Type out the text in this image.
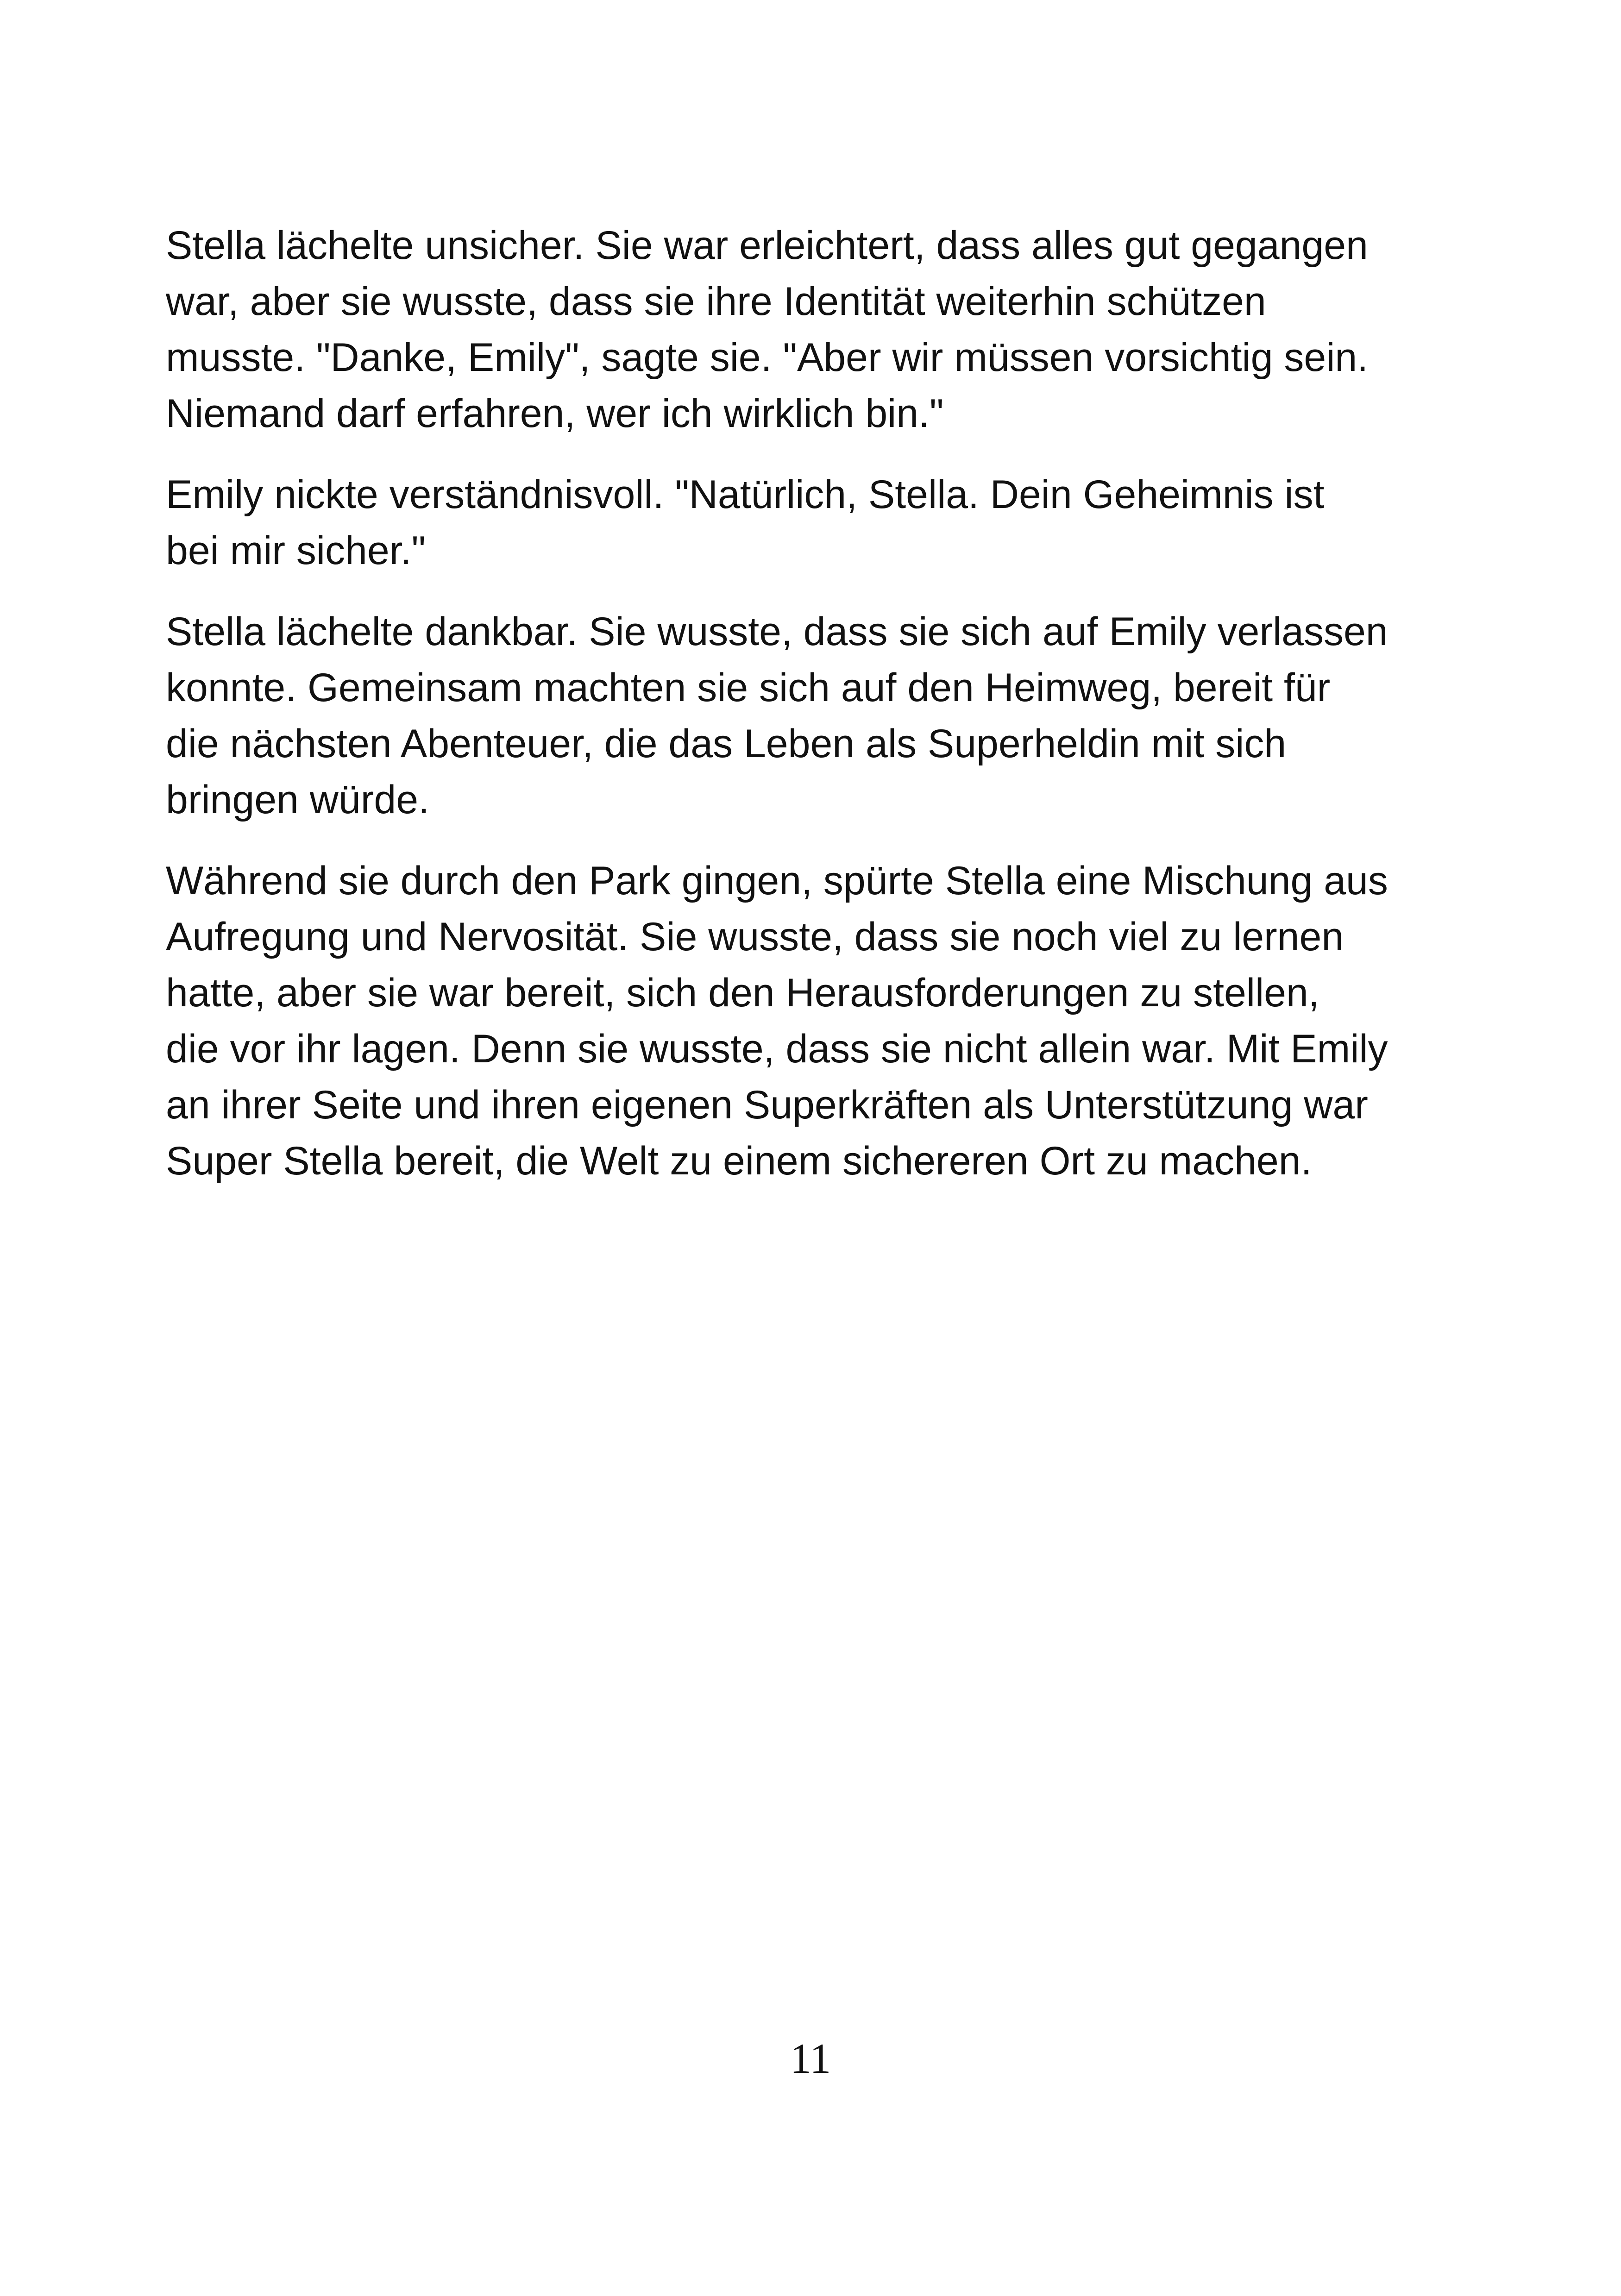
Stella lächelte unsicher. Sie war erleichtert, dass alles gut gegangen
war, aber sie wusste, dass sie ihre Identität weiterhin schützen
musste. "Danke, Emily", sagte sie. "Aber wir müssen vorsichtig sein.
Niemand darf erfahren, wer ich wirklich bin."

Emily nickte verständnisvoll. "Natürlich, Stella. Dein Geheimnis ist
bei mir sicher."

Stella lächelte dankbar. Sie wusste, dass sie sich auf Emily verlassen
konnte. Gemeinsam machten sie sich auf den Heimweg, bereit für
die nächsten Abenteuer, die das Leben als Superheldin mit sich
bringen würde.

Während sie durch den Park gingen, spürte Stella eine Mischung aus
Aufregung und Nervosität. Sie wusste, dass sie noch viel zu lernen
hatte, aber sie war bereit, sich den Herausforderungen zu stellen,
die vor ihr lagen. Denn sie wusste, dass sie nicht allein war. Mit Emily
an ihrer Seite und ihren eigenen Superkräften als Unterstützung war
Super Stella bereit, die Welt zu einem sichereren Ort zu machen.

11
